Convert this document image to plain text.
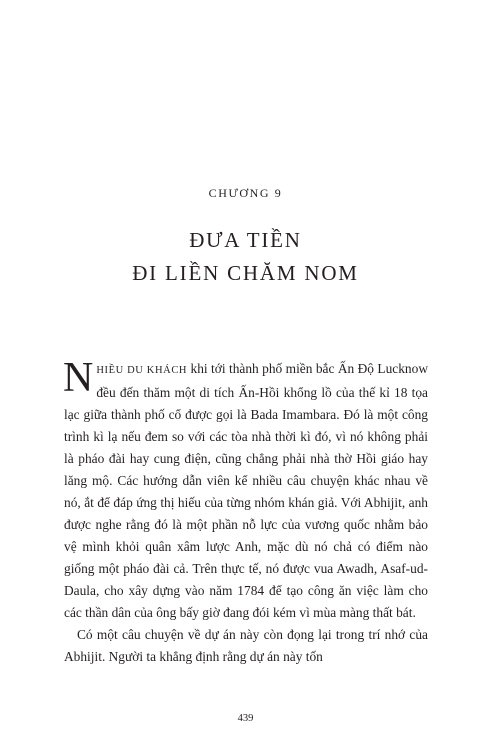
CHƯƠNG 9
ĐƯA TIỀN
ĐI LIỀN CHĂM NOM

NHIỀU DU KHÁCH khi tới thành phố miền bắc Ấn Độ Lucknow đều đến thăm một di tích Ấn-Hồi khổng lồ của thế kỉ 18 tọa lạc giữa thành phố cổ được gọi là Bada Imambara. Đó là một công trình kì lạ nếu đem so với các tòa nhà thời kì đó, vì nó không phải là pháo đài hay cung điện, cũng chẳng phải nhà thờ Hồi giáo hay lăng mộ. Các hướng dẫn viên kể nhiều câu chuyện khác nhau về nó, ắt để đáp ứng thị hiếu của từng nhóm khán giả. Với Abhijit, anh được nghe rằng đó là một phần nỗ lực của vương quốc nhằm bảo vệ mình khỏi quân xâm lược Anh, mặc dù nó chả có điểm nào giống một pháo đài cả. Trên thực tế, nó được vua Awadh, Asaf-ud-Daula, cho xây dựng vào năm 1784 để tạo công ăn việc làm cho các thần dân của ông bấy giờ đang đói kém vì mùa màng thất bát.

Có một câu chuyện về dự án này còn đọng lại trong trí nhớ của Abhijit. Người ta khẳng định rằng dự án này tốn

439
